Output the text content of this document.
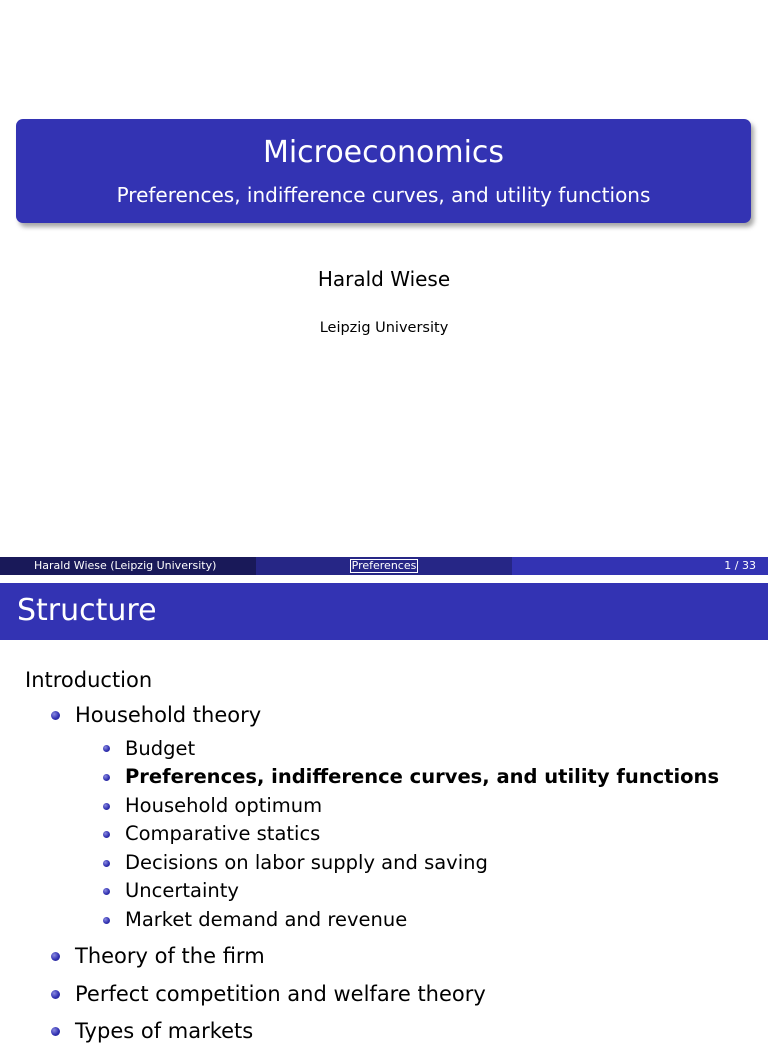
Microeconomics
Preferences, indifference curves, and utility functions
Harald Wiese
Leipzig University
Harald Wiese (Leipzig University)	Preferences	1 / 33
Structure
Introduction
Household theory
Budget
Preferences, indifference curves, and utility functions
Household optimum
Comparative statics
Decisions on labor supply and saving
Uncertainty
Market demand and revenue
Theory of the firm
Perfect competition and welfare theory
Types of markets
